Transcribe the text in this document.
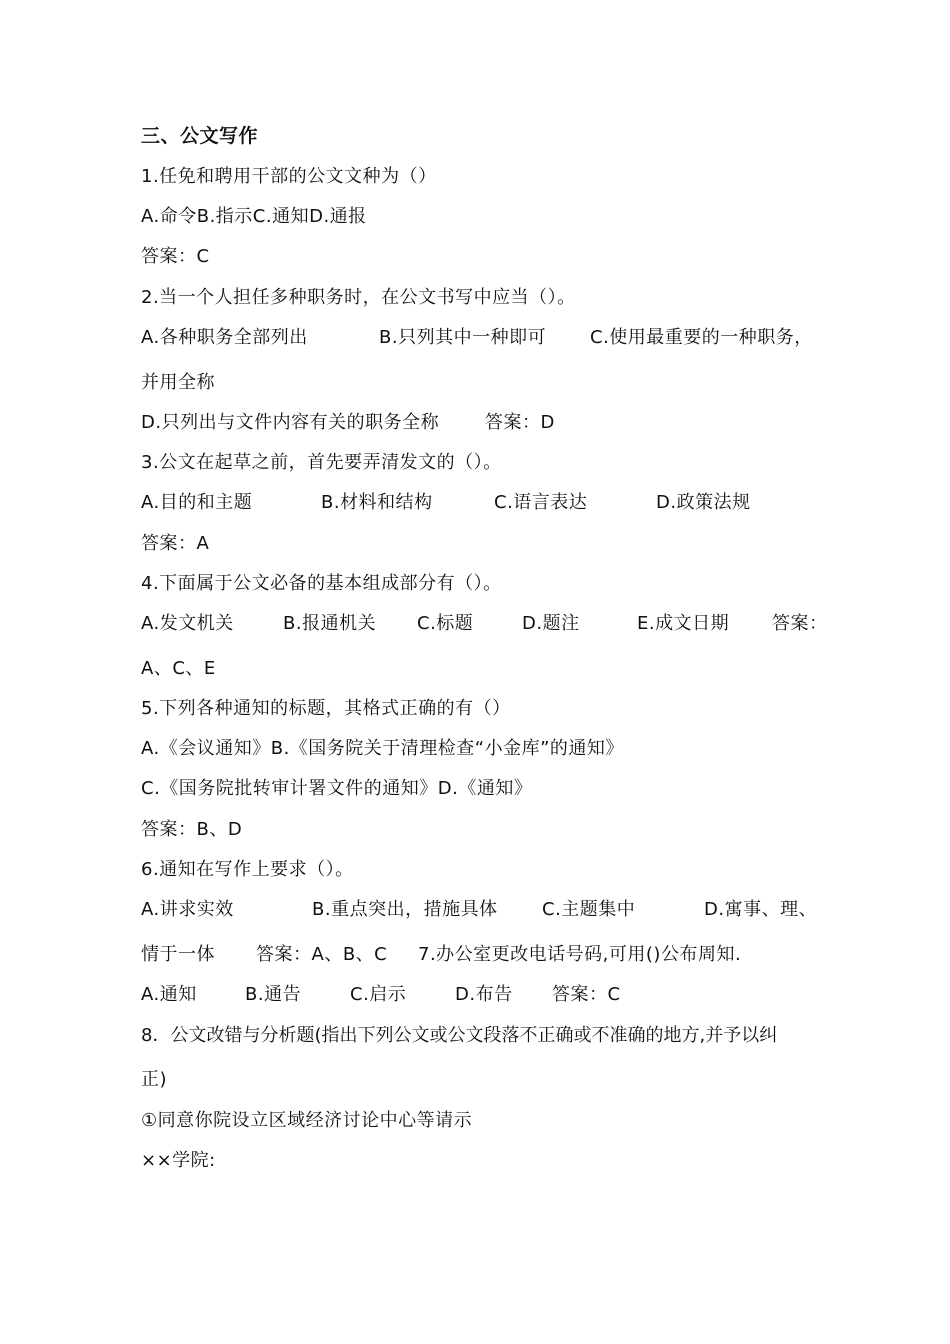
三、公文写作
1.任免和聘用干部的公文文种为（）
A.命令B.指示C.通知D.通报
答案：C
2.当一个人担任多种职务时，在公文书写中应当（）。

A.各种职务全部列出

	B.只列其中一种即可

C.使用最重要的一种职务，

并用全称

D.只列出与文件内容有关的职务全称

	答案：D

3.公文在起草之前，首先要弄清发文的（）。

A.目的和主题

	B.材料和结构

	C.语言表达

	D.政策法规

答案：A
4.下面属于公文必备的基本组成部分有（）。

A.发文机关

	B.报通机关

C.标题

	D.题注

	E.成文日期

答案：

A、C、E
5.下列各种通知的标题，其格式正确的有（）
A.《会议通知》B.《国务院关于清理检查“小金库”的通知》
C.《国务院批转审计署文件的通知》D.《通知》
答案：B、D
6.通知在写作上要求（）。

A.讲求实效

	B.重点突出，措施具体

C.主题集中

	D.寓事、理、

情于一体

答案：A、B、C

7.办公室更改电话号码,可用()公布周知.

A.通知

	B.通告

	C.启示

	D.布告

答案：C

8．公文改错与分析题(指出下列公文或公文段落不正确或不准确的地方,并予以纠
正)
①同意你院设立区域经济讨论中心等请示
××学院:
